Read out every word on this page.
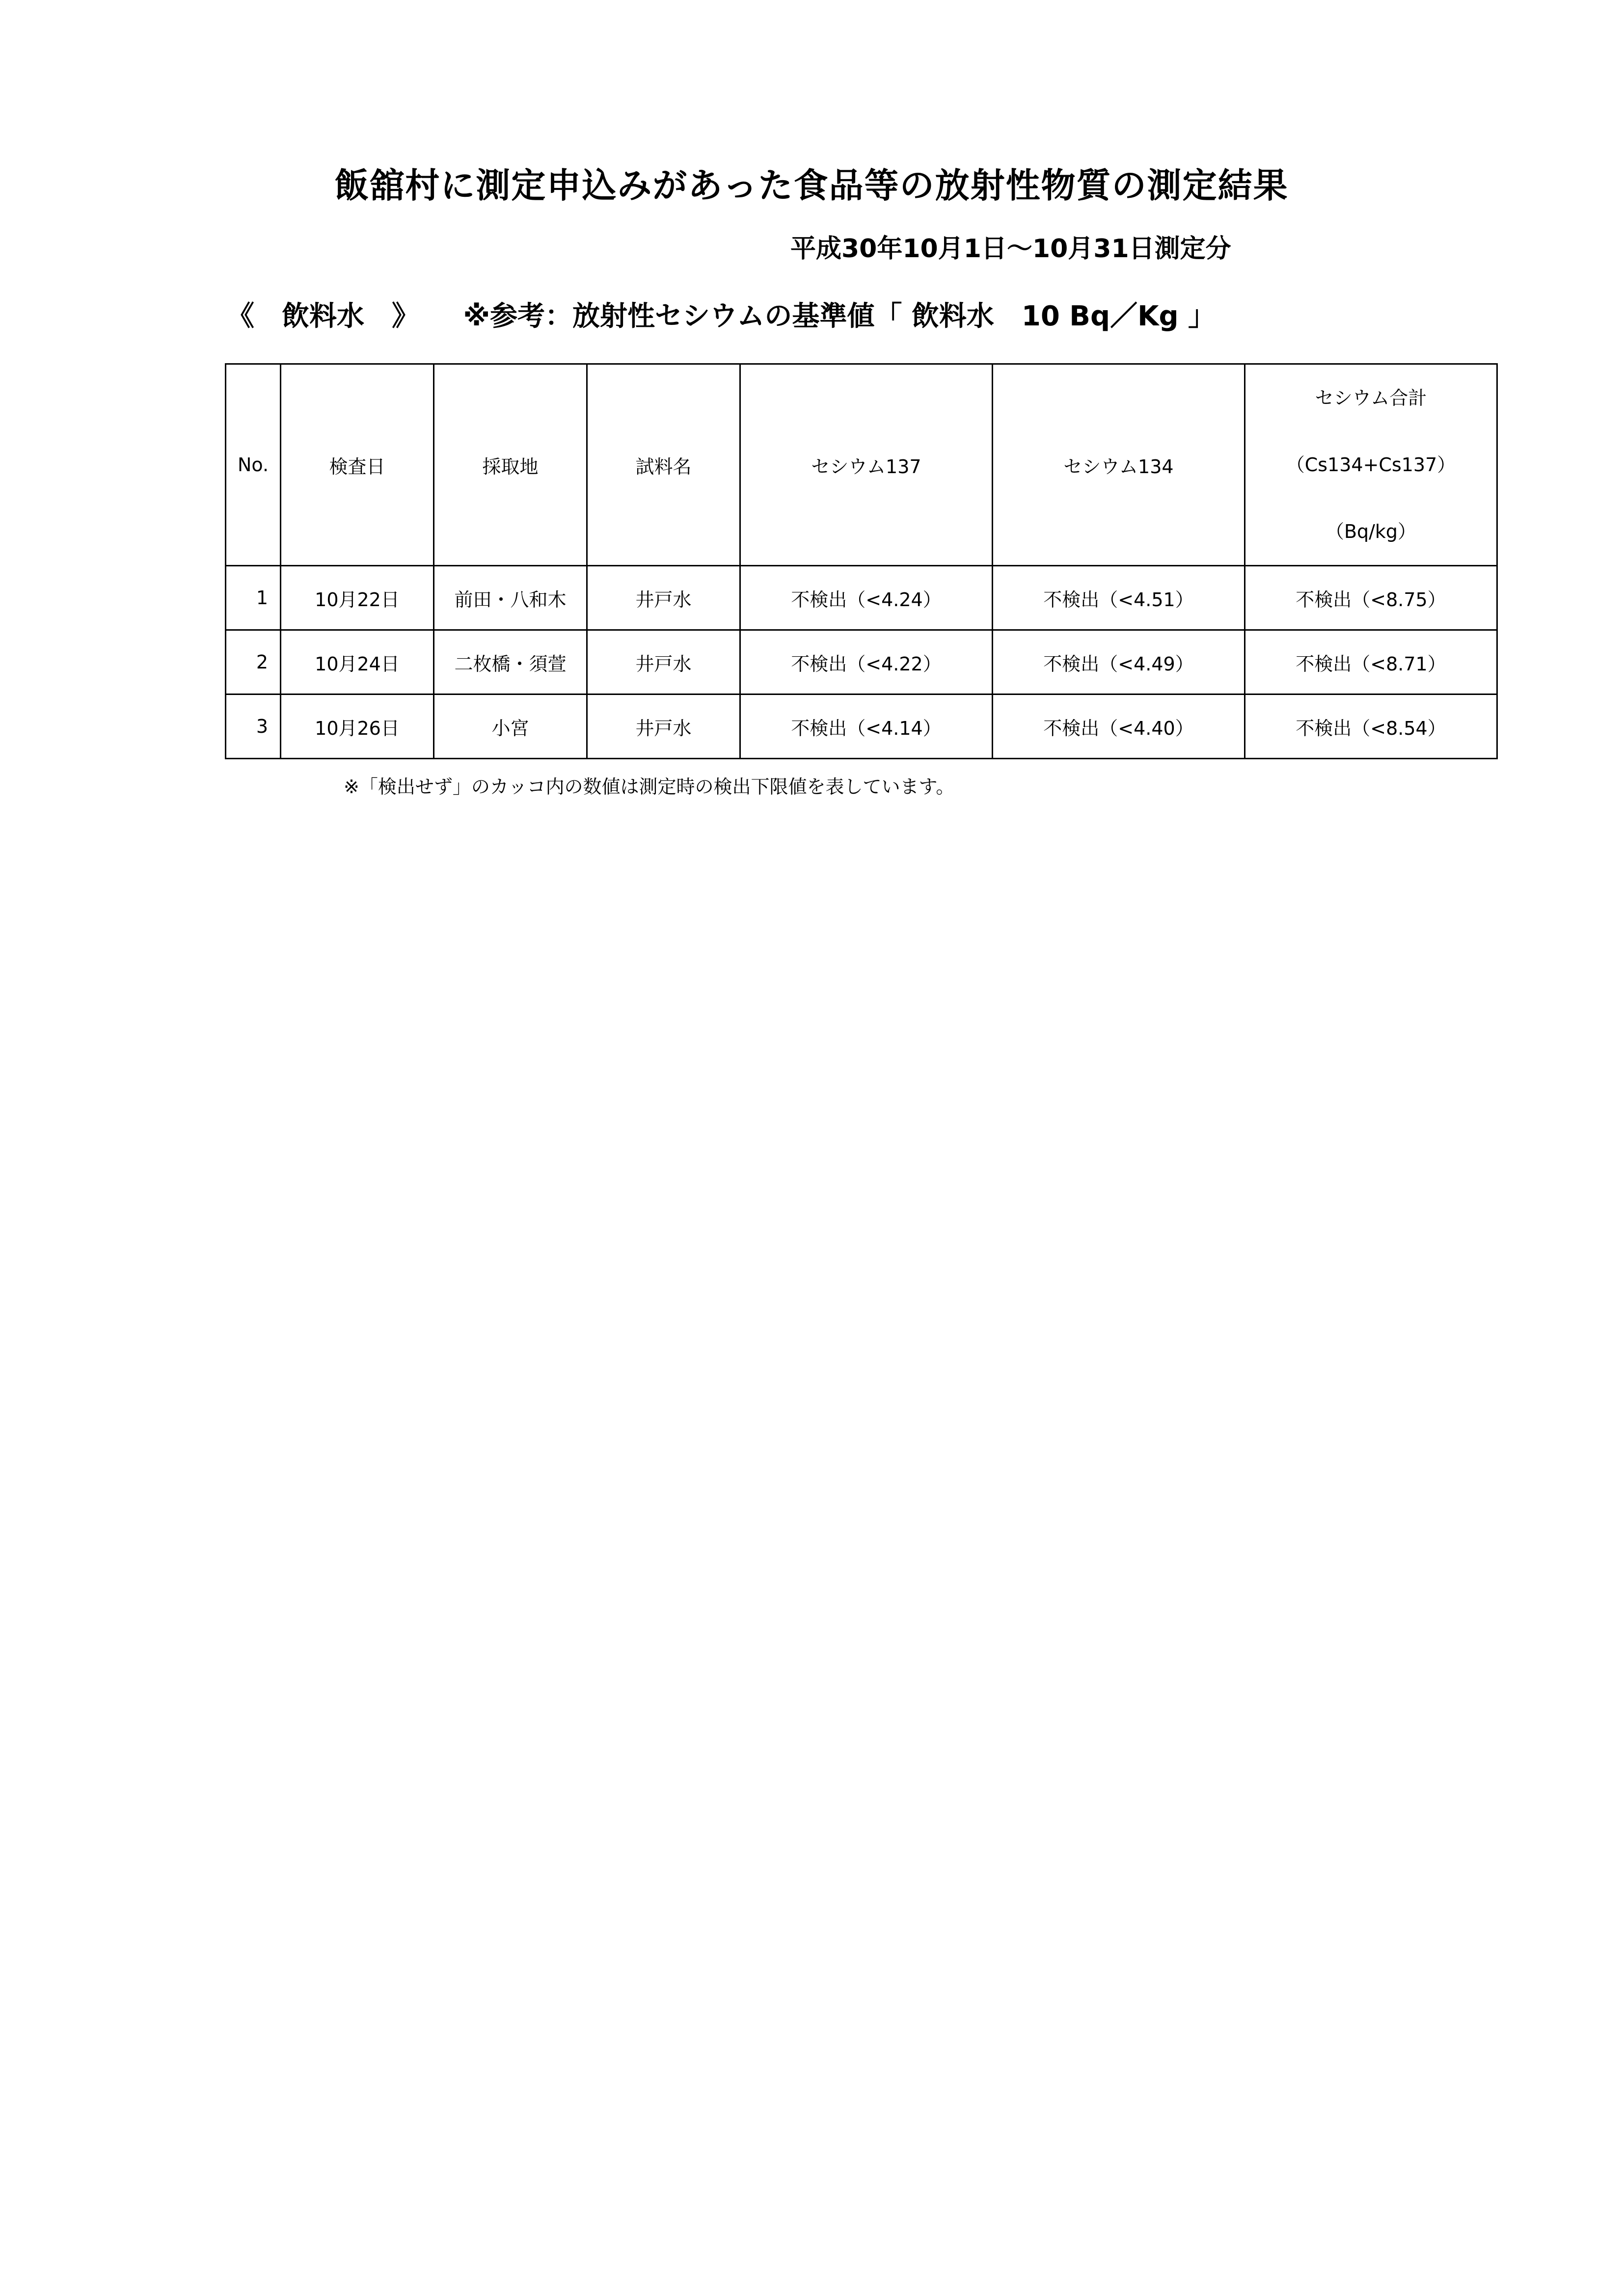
飯舘村に測定申込みがあった食品等の放射性物質の測定結果
平成30年10月1日～10月31日測定分
《　飲料水　》 ※参考：放射性セシウムの基準値「 飲料水　10 Bq／Kg 」
No.	検査日	採取地	試料名	セシウム137	セシウム134	セシウム合計
（Cs134+Cs137）
（Bq/kg）

1	10月22日	前田・八和木	井戸水	不検出（<4.24）	不検出（<4.51）	不検出（<8.75）
2	10月24日	二枚橋・須萱	井戸水	不検出（<4.22）	不検出（<4.49）	不検出（<8.71）
3	10月26日	小宮	井戸水	不検出（<4.14）	不検出（<4.40）	不検出（<8.54）
※「検出せず」のカッコ内の数値は測定時の検出下限値を表しています。
